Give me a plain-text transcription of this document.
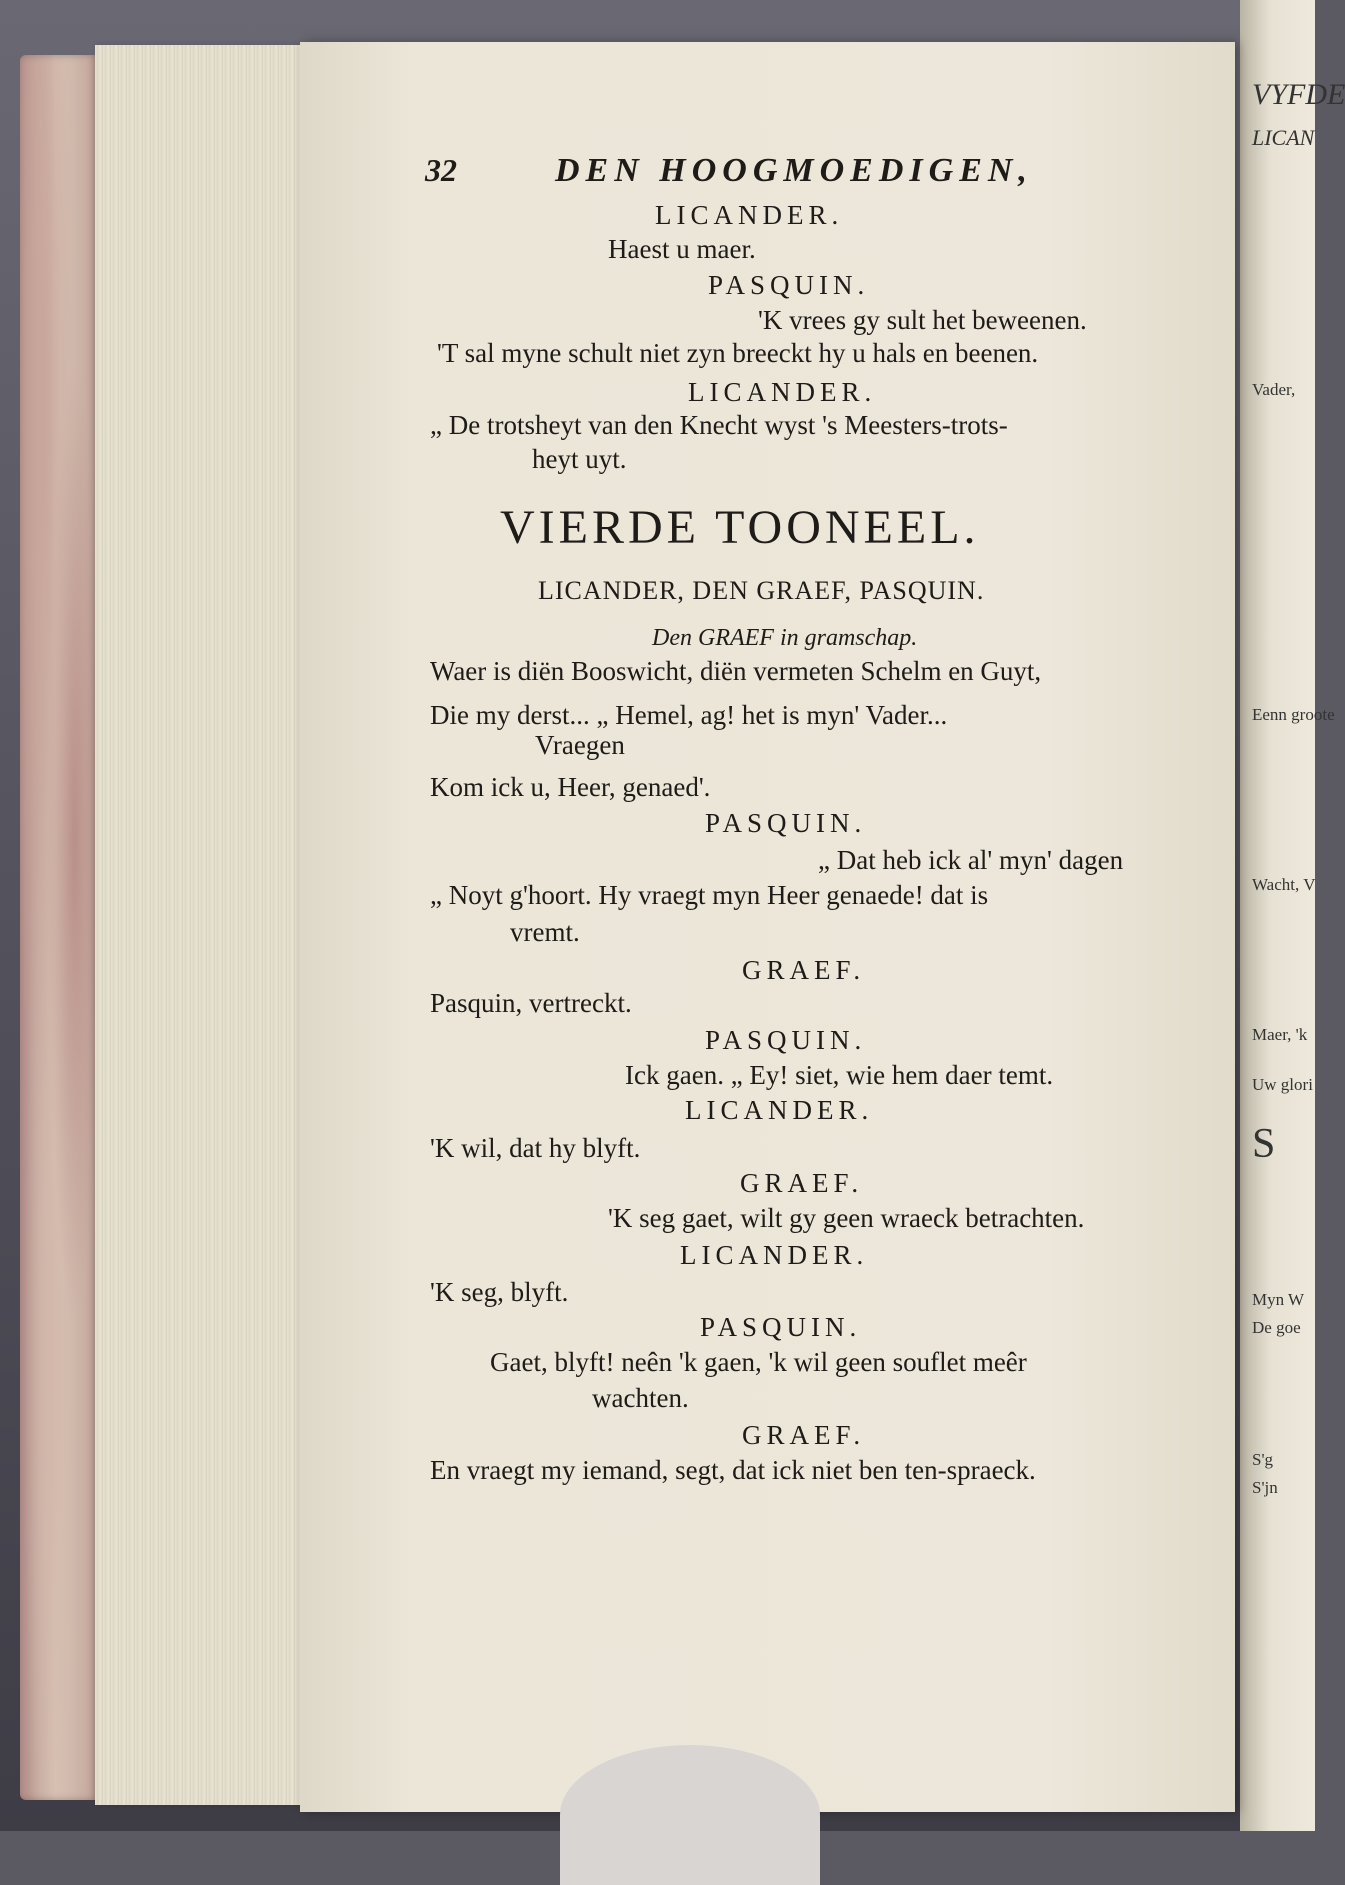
VYFDE
LICAN
Vader,
Eenn groote
Wacht, V
Maer, 'k
Uw glori
S
Myn W
De goe
S'g
S'jn
32	DEN HOOGMOEDIGEN,
LICANDER.
Haest u maer.
PASQUIN.
'K vrees gy sult het beweenen.
'T sal myne schult niet zyn breeckt hy u hals en beenen.
LICANDER.
„ De trotsheyt van den Knecht wyst 's Meesters-trots-
heyt uyt.
VIERDE TOONEEL.
LICANDER, DEN GRAEF, PASQUIN.
Den GRAEF in gramschap.
Waer is diën Booswicht, diën vermeten Schelm en Guyt,
Die my derst... „ Hemel, ag! het is myn' Vader...
Vraegen
Kom ick u, Heer, genaed'.
PASQUIN.
„ Dat heb ick al' myn' dagen
„ Noyt g'hoort. Hy vraegt myn Heer genaede! dat is
vremt.
GRAEF.
Pasquin, vertreckt.
PASQUIN.
Ick gaen. „ Ey! siet, wie hem daer temt.
LICANDER.
'K wil, dat hy blyft.
GRAEF.
'K seg gaet, wilt gy geen wraeck betrachten.
LICANDER.
'K seg, blyft.
PASQUIN.
Gaet, blyft! neên 'k gaen, 'k wil geen souflet meêr
wachten.
GRAEF.
En vraegt my iemand, segt, dat ick niet ben ten-spraeck.
